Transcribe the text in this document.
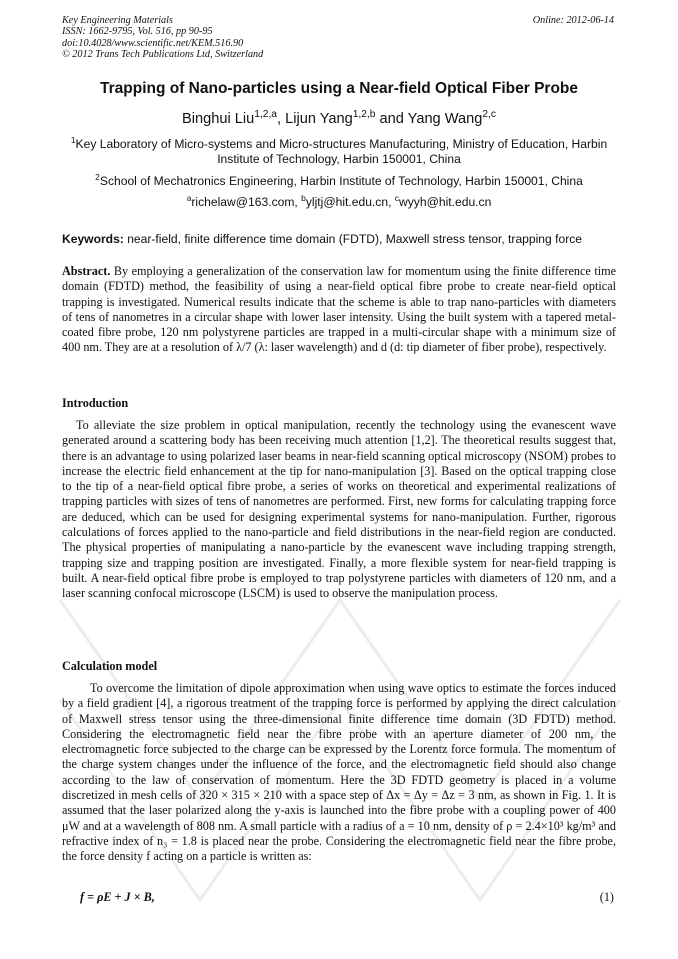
Key Engineering Materials
ISSN: 1662-9795, Vol. 516, pp 90-95
doi:10.4028/www.scientific.net/KEM.516.90
© 2012 Trans Tech Publications Ltd, Switzerland
Online: 2012-06-14
Trapping of Nano-particles using a Near-field Optical Fiber Probe
Binghui Liu$^{1,2,a}$, Lijun Yang$^{1,2,b}$ and Yang Wang$^{2,c}$
$^1$Key Laboratory of Micro-systems and Micro-structures Manufacturing, Ministry of Education, Harbin Institute of Technology, Harbin 150001, China
$^2$School of Mechatronics Engineering, Harbin Institute of Technology, Harbin 150001, China
$^a$richelaw@163.com, $^b$yljtj@hit.edu.cn, $^c$wyyh@hit.edu.cn
Keywords: near-field, finite difference time domain (FDTD), Maxwell stress tensor, trapping force
Abstract. By employing a generalization of the conservation law for momentum using the finite difference time domain (FDTD) method, the feasibility of using a near-field optical fibre probe to create near-field optical trapping is investigated. Numerical results indicate that the scheme is able to trap nano-particles with diameters of tens of nanometres in a circular shape with lower laser intensity. Using the built system with a tapered metal-coated fibre probe, 120 nm polystyrene particles are trapped in a multi-circular shape with a minimum size of 400 nm. They are at a resolution of λ/7 (λ: laser wavelength) and d (d: tip diameter of fiber probe), respectively.
Introduction
To alleviate the size problem in optical manipulation, recently the technology using the evanescent wave generated around a scattering body has been receiving much attention [1,2]. The theoretical results suggest that, there is an advantage to using polarized laser beams in near-field scanning optical microscopy (NSOM) probes to increase the electric field enhancement at the tip for nano-manipulation [3]. Based on the optical trapping close to the tip of a near-field optical fibre probe, a series of works on theoretical and experimental realizations of trapping particles with sizes of tens of nanometres are performed. First, new forms for calculating trapping force are deduced, which can be used for designing experimental systems for nano-manipulation. Further, rigorous calculations of forces applied to the nano-particle and field distributions in the near-field region are conducted. The physical properties of manipulating a nano-particle by the evanescent wave including trapping strength, trapping size and trapping position are investigated. Finally, a more flexible system for near-field trapping is built. A near-field optical fibre probe is employed to trap polystyrene particles with diameters of 120 nm, and a laser scanning confocal microscope (LSCM) is used to observe the manipulation process.
Calculation model
To overcome the limitation of dipole approximation when using wave optics to estimate the forces induced by a field gradient [4], a rigorous treatment of the trapping force is performed by applying the direct calculation of Maxwell stress tensor using the three-dimensional finite difference time domain (3D FDTD) method. Considering the electromagnetic field near the fibre probe with an aperture diameter of 200 nm, the electromagnetic force subjected to the charge can be expressed by the Lorentz force formula. The momentum of the charge system changes under the influence of the force, and the electromagnetic field should also change according to the law of conservation of momentum. Here the 3D FDTD geometry is placed in a volume discretized in mesh cells of 320 × 315 × 210 with a space step of Δx = Δy = Δz = 3 nm, as shown in Fig. 1. It is assumed that the laser polarized along the y-axis is launched into the fibre probe with a coupling power of 400 μW and at a wavelength of 808 nm. A small particle with a radius of a = 10 nm, density of ρ = 2.4×10³ kg/m³ and refractive index of n₃ = 1.8 is placed near the probe. Considering the electromagnetic field near the fibre probe, the force density f acting on a particle is written as:
f = ρE + J × B,	(1)
